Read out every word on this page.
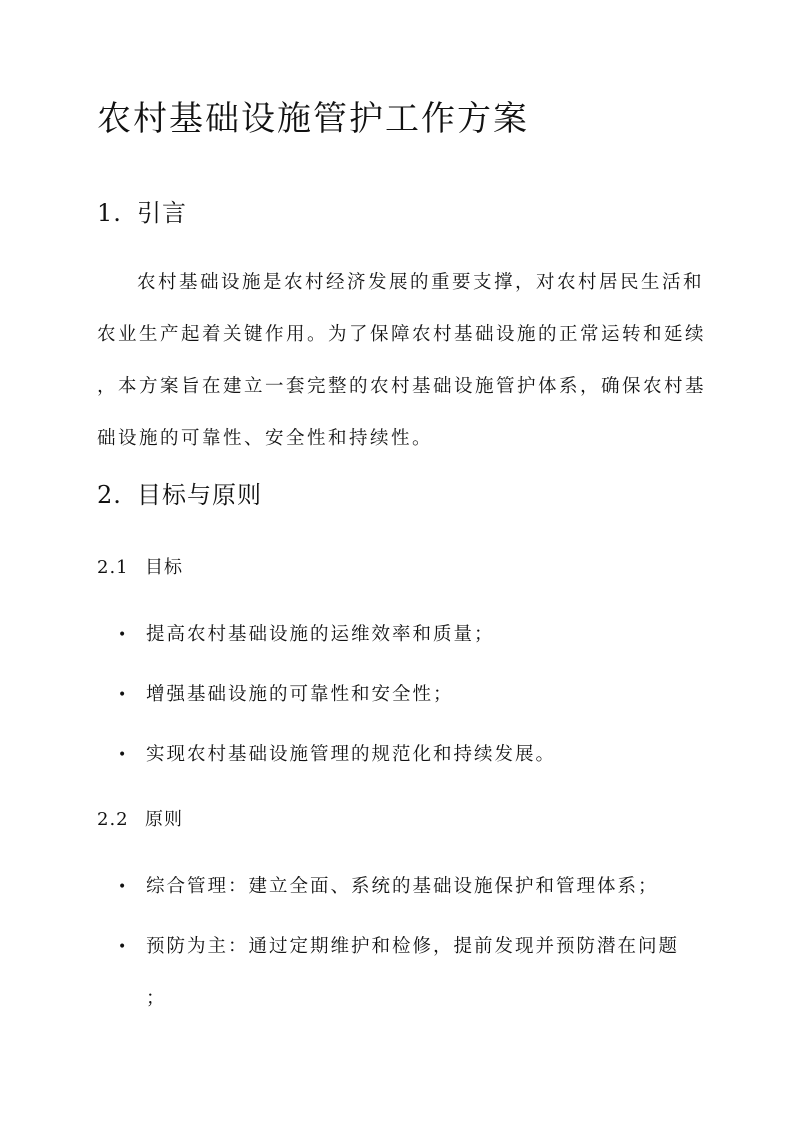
农村基础设施管护工作方案
1. 引言
农村基础设施是农村经济发展的重要支撑，对农村居民生活和
农业生产起着关键作用。为了保障农村基础设施的正常运转和延续
，本方案旨在建立一套完整的农村基础设施管护体系，确保农村基
础设施的可靠性、安全性和持续性。
2. 目标与原则
2.1 目标
• 提高农村基础设施的运维效率和质量；
• 增强基础设施的可靠性和安全性；
• 实现农村基础设施管理的规范化和持续发展。
2.2 原则
• 综合管理：建立全面、系统的基础设施保护和管理体系；
• 预防为主：通过定期维护和检修，提前发现并预防潜在问题
；
